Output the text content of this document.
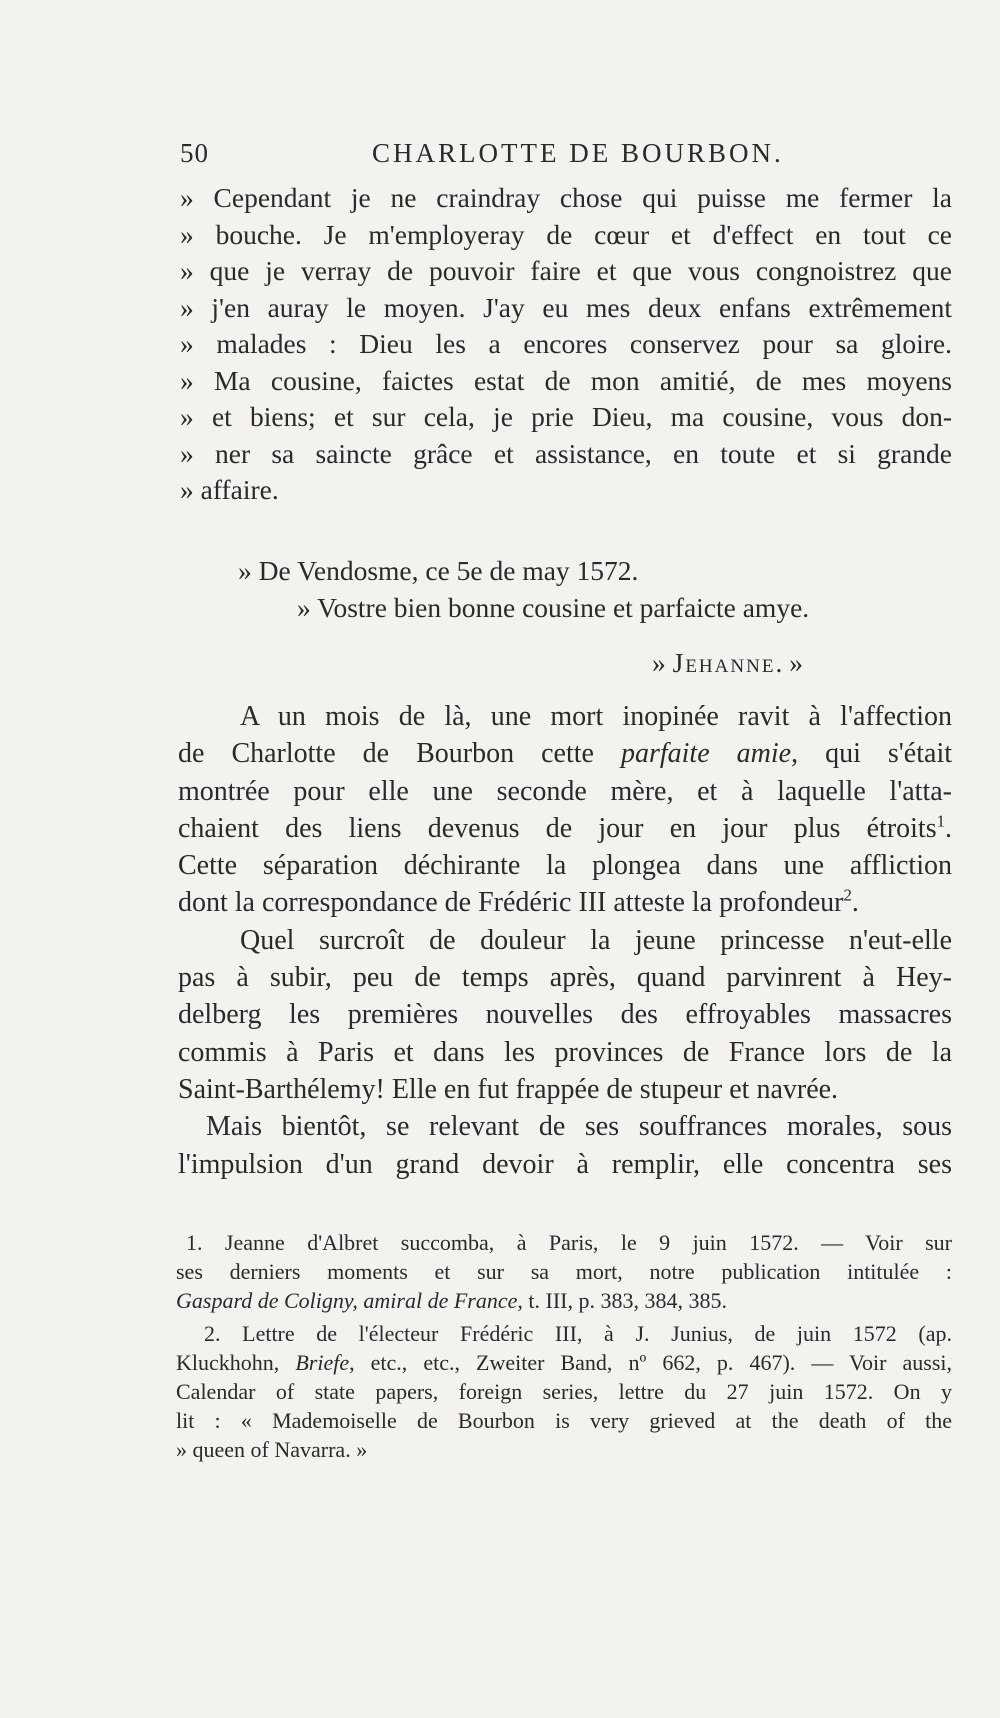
50	CHARLOTTE DE BOURBON.
» Cependant je ne craindray chose qui puisse me fermer la
» bouche. Je m'employeray de cœur et d'effect en tout ce
» que je verray de pouvoir faire et que vous congnoistrez que
» j'en auray le moyen. J'ay eu mes deux enfans extrêmement
» malades : Dieu les a encores conservez pour sa gloire.
» Ma cousine, faictes estat de mon amitié, de mes moyens
» et biens; et sur cela, je prie Dieu, ma cousine, vous don-
» ner sa saincte grâce et assistance, en toute et si grande
» affaire.
» De Vendosme, ce 5e de may 1572.
» Vostre bien bonne cousine et parfaicte amye.
» Jehanne. »
A un mois de là, une mort inopinée ravit à l'affection
de Charlotte de Bourbon cette parfaite amie, qui s'était
montrée pour elle une seconde mère, et à laquelle l'atta-
chaient des liens devenus de jour en jour plus étroits$^1$.
Cette séparation déchirante la plongea dans une affliction
dont la correspondance de Frédéric III atteste la profondeur$^2$.
Quel surcroît de douleur la jeune princesse n'eut-elle
pas à subir, peu de temps après, quand parvinrent à Hey-
delberg les premières nouvelles des effroyables massacres
commis à Paris et dans les provinces de France lors de la
Saint-Barthélemy! Elle en fut frappée de stupeur et navrée.
Mais bientôt, se relevant de ses souffrances morales, sous
l'impulsion d'un grand devoir à remplir, elle concentra ses
1. Jeanne d'Albret succomba, à Paris, le 9 juin 1572. — Voir sur
ses derniers moments et sur sa mort, notre publication intitulée :
Gaspard de Coligny, amiral de France, t. III, p. 383, 384, 385.
2. Lettre de l'électeur Frédéric III, à J. Junius, de juin 1572 (ap.
Kluckhohn, Briefe, etc., etc., Zweiter Band, nº 662, p. 467). — Voir aussi,
Calendar of state papers, foreign series, lettre du 27 juin 1572. On y
lit : « Mademoiselle de Bourbon is very grieved at the death of the
» queen of Navarra. »
